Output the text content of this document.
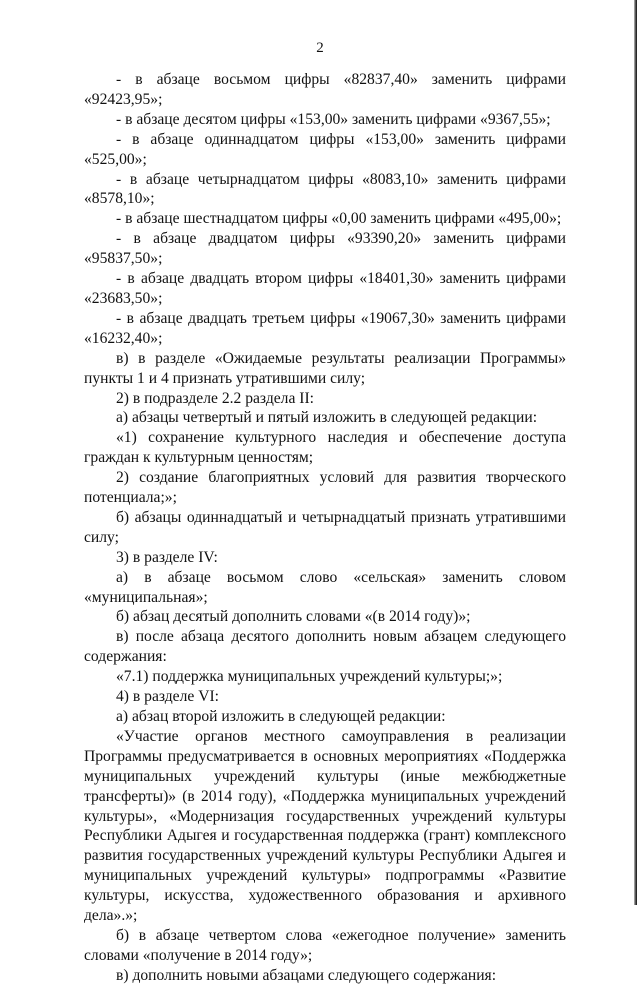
2

- в абзаце восьмом цифры «82837,40» заменить цифрами «92423,95»;

- в абзаце десятом цифры «153,00» заменить цифрами «9367,55»;

- в абзаце одиннадцатом цифры «153,00» заменить цифрами «525,00»;

- в абзаце четырнадцатом цифры «8083,10» заменить цифрами «8578,10»;

- в абзаце шестнадцатом цифры «0,00 заменить цифрами «495,00»;

- в абзаце двадцатом цифры «93390,20» заменить цифрами «95837,50»;

- в абзаце двадцать втором цифры «18401,30» заменить цифрами «23683,50»;

- в абзаце двадцать третьем цифры «19067,30» заменить цифрами «16232,40»;

в) в разделе «Ожидаемые результаты реализации Программы» пункты 1 и 4 признать утратившими силу;

2) в подразделе 2.2 раздела II:

а) абзацы четвертый и пятый изложить в следующей редакции:

«1) сохранение культурного наследия и обеспечение доступа граждан к культурным ценностям;

2) создание благоприятных условий для развития творческого потенциала;»;

б) абзацы одиннадцатый и четырнадцатый признать утратившими силу;

3) в разделе IV:

а) в абзаце восьмом слово «сельская» заменить словом «муниципальная»;

б) абзац десятый дополнить словами «(в 2014 году)»;

в) после абзаца десятого дополнить новым абзацем следующего содержания:

«7.1) поддержка муниципальных учреждений культуры;»;

4) в разделе VI:

а) абзац второй изложить в следующей редакции:

«Участие органов местного самоуправления в реализации Программы предусматривается в основных мероприятиях «Поддержка муниципальных учреждений культуры (иные межбюджетные трансферты)» (в 2014 году), «Поддержка муниципальных учреждений культуры», «Модернизация государственных учреждений культуры Республики Адыгея и государственная поддержка (грант) комплексного развития государственных учреждений культуры Республики Адыгея и муниципальных учреждений культуры» подпрограммы «Развитие культуры, искусства, художественного образования и архивного дела».»;

б) в абзаце четвертом слова «ежегодное получение» заменить словами «получение в 2014 году»;

в) дополнить новыми абзацами следующего содержания:
